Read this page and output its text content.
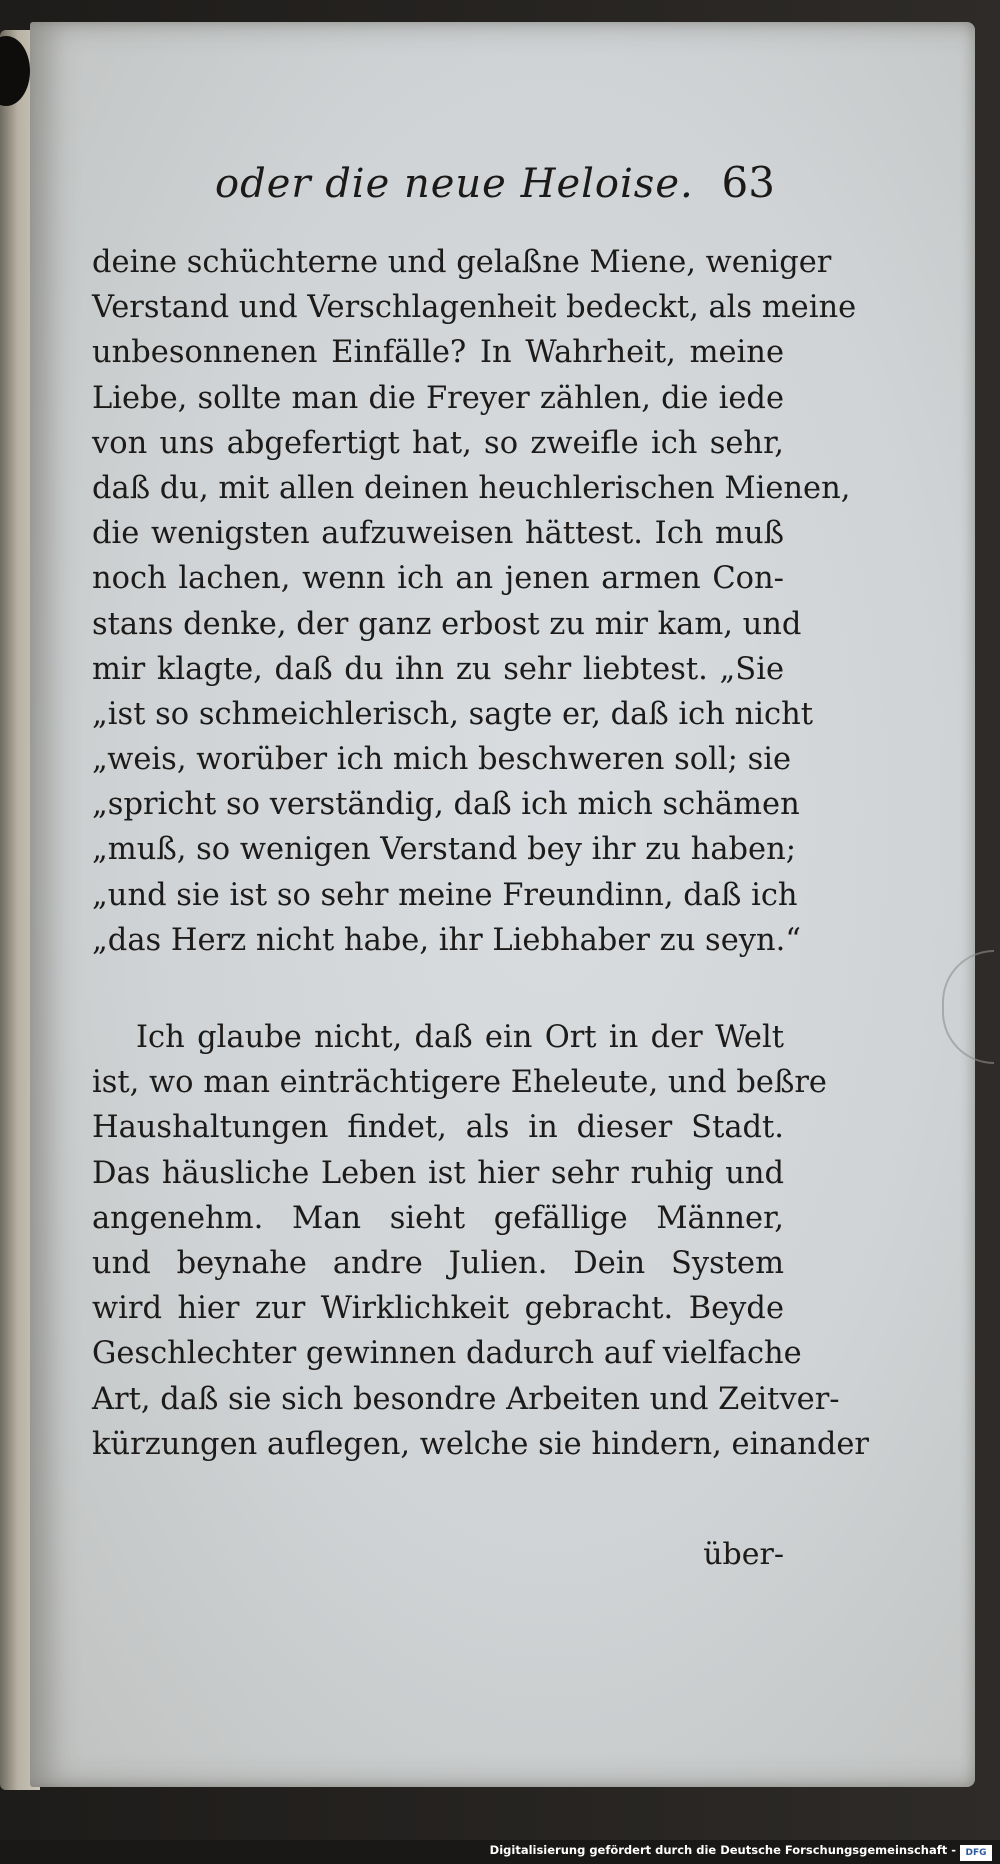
oder die neue Heloise. 63
deine schüchterne und gelaßne Miene, weniger
Verstand und Verschlagenheit bedeckt, als meine
unbesonnenen Einfälle? In Wahrheit, meine
Liebe, sollte man die Freyer zählen, die iede
von uns abgefertigt hat, so zweifle ich sehr,
daß du, mit allen deinen heuchlerischen Mienen,
die wenigsten aufzuweisen hättest. Ich muß
noch lachen, wenn ich an jenen armen Con-
stans denke, der ganz erbost zu mir kam, und
mir klagte, daß du ihn zu sehr liebtest. „Sie
„ist so schmeichlerisch, sagte er, daß ich nicht
„weis, worüber ich mich beschweren soll; sie
„spricht so verständig, daß ich mich schämen
„muß, so wenigen Verstand bey ihr zu haben;
„und sie ist so sehr meine Freundinn, daß ich
„das Herz nicht habe, ihr Liebhaber zu seyn.“
Ich glaube nicht, daß ein Ort in der Welt
ist, wo man einträchtigere Eheleute, und beßre
Haushaltungen findet, als in dieser Stadt.
Das häusliche Leben ist hier sehr ruhig und
angenehm. Man sieht gefällige Männer,
und beynahe andre Julien. Dein System
wird hier zur Wirklichkeit gebracht. Beyde
Geschlechter gewinnen dadurch auf vielfache
Art, daß sie sich besondre Arbeiten und Zeitver-
kürzungen auflegen, welche sie hindern, einander
über-
Digitalisierung gefördert durch die Deutsche Forschungsgemeinschaft -	DFG
